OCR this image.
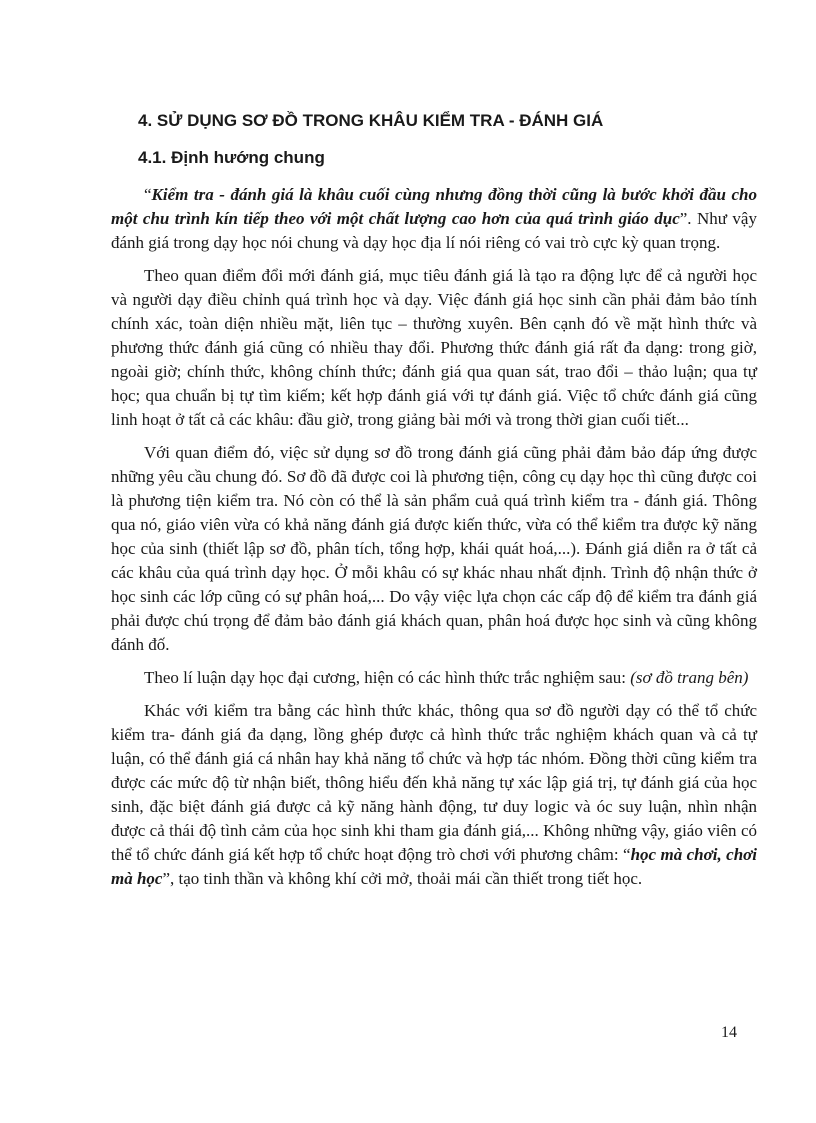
4. SỬ DỤNG SƠ ĐỒ TRONG KHÂU KIỂM TRA - ĐÁNH GIÁ
4.1. Định hướng chung

“Kiểm tra - đánh giá là khâu cuối cùng nhưng đồng thời cũng là bước khởi đầu cho một chu trình kín tiếp theo với một chất lượng cao hơn của quá trình giáo dục”. Như vậy đánh giá trong dạy học nói chung và dạy học địa lí nói riêng có vai trò cực kỳ quan trọng.

Theo quan điểm đổi mới đánh giá, mục tiêu đánh giá là tạo ra động lực để cả người học và người dạy điều chỉnh quá trình học và dạy. Việc đánh giá học sinh cần phải đảm bảo tính chính xác, toàn diện nhiều mặt, liên tục – thường xuyên. Bên cạnh đó về mặt hình thức và phương thức đánh giá cũng có nhiều thay đổi. Phương thức đánh giá rất đa dạng: trong giờ, ngoài giờ; chính thức, không chính thức; đánh giá qua quan sát, trao đổi – thảo luận; qua tự học; qua chuẩn bị tự tìm kiếm; kết hợp đánh giá với tự đánh giá. Việc tổ chức đánh giá cũng linh hoạt ở tất cả các khâu: đầu giờ, trong giảng bài mới và trong thời gian cuối tiết...

Với quan điểm đó, việc sử dụng sơ đồ trong đánh giá cũng phải đảm bảo đáp ứng được những yêu cầu chung đó. Sơ đồ đã được coi là phương tiện, công cụ dạy học thì cũng được coi là phương tiện kiểm tra. Nó còn có thể là sản phẩm cuả quá trình kiểm tra - đánh giá. Thông qua nó, giáo viên vừa có khả năng đánh giá được kiến thức, vừa có thể kiểm tra được kỹ năng học của sinh (thiết lập sơ đồ, phân tích, tổng hợp, khái quát hoá,...). Đánh giá diễn ra ở tất cả các khâu của quá trình dạy học. Ở mỗi khâu có sự khác nhau nhất định. Trình độ nhận thức ở học sinh các lớp cũng có sự phân hoá,... Do vậy việc lựa chọn các cấp độ để kiểm tra đánh giá phải được chú trọng để đảm bảo đánh giá khách quan, phân hoá được học sinh và cũng không đánh đố.

Theo lí luận dạy học đại cương, hiện có các hình thức trắc nghiệm sau: (sơ đồ trang bên)

Khác với kiểm tra bằng các hình thức khác, thông qua sơ đồ người dạy có thể tổ chức kiểm tra- đánh giá đa dạng, lồng ghép được cả hình thức trắc nghiệm khách quan và cả tự luận, có thể đánh giá cá nhân hay khả năng tổ chức và hợp tác nhóm. Đồng thời cũng kiểm tra được các mức độ từ nhận biết, thông hiểu đến khả năng tự xác lập giá trị, tự đánh giá của học sinh, đặc biệt đánh giá được cả kỹ năng hành động, tư duy logic và óc suy luận, nhìn nhận được cả thái độ tình cảm của học sinh khi tham gia đánh giá,... Không những vậy, giáo viên có thể tổ chức đánh giá kết hợp tổ chức hoạt động trò chơi với phương châm: “học mà chơi, chơi mà học”, tạo tinh thần và không khí cởi mở, thoải mái cần thiết trong tiết học.

14
